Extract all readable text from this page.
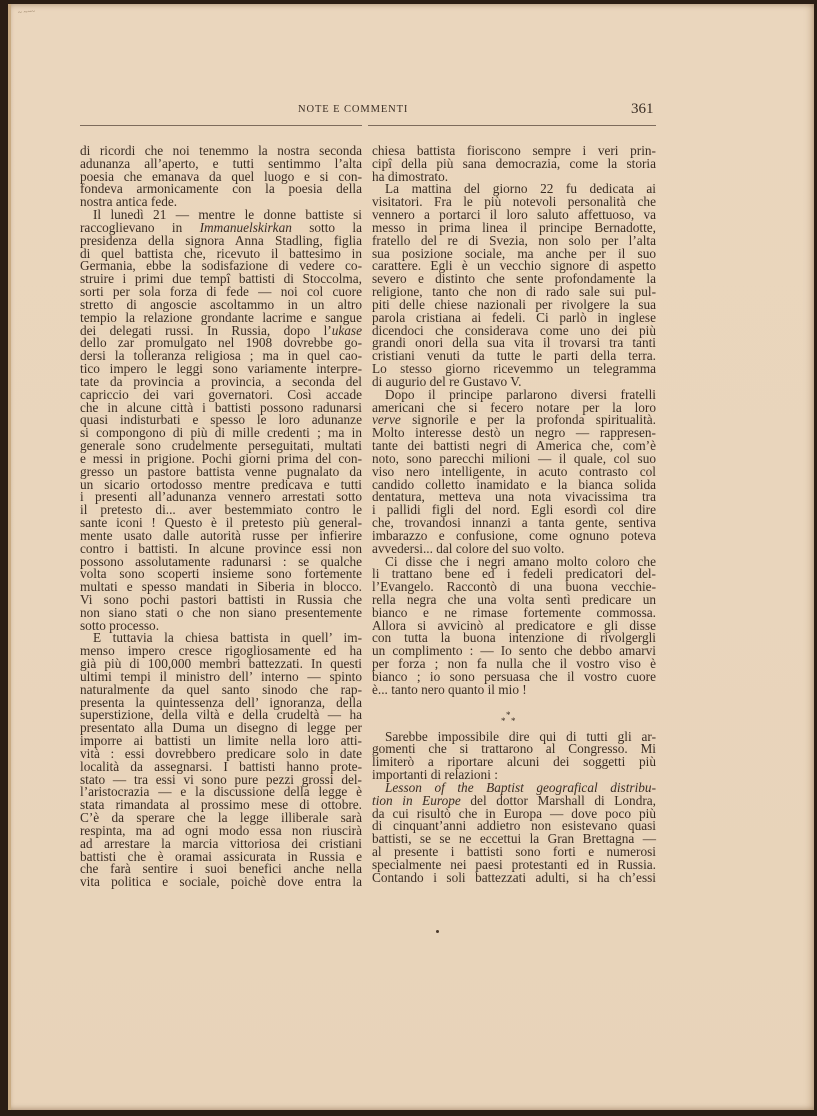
~ ~~~
NOTE E COMMENTI	361
di ricordi che noi tenemmo la nostra seconda
adunanza all’aperto, e tutti sentimmo l’alta
poesia che emanava da quel luogo e si con-
fondeva armonicamente con la poesia della
nostra antica fede.
Il lunedì 21 — mentre le donne battiste si
raccoglievano in Immanuelskirkan sotto la
presidenza della signora Anna Stadling, figlia
di quel battista che, ricevuto il battesimo in
Germania, ebbe la sodisfazione di vedere co-
struire i primi due tempî battisti di Stoccolma,
sorti per sola forza di fede — noi col cuore
stretto di angoscie ascoltammo in un altro
tempio la relazione grondante lacrime e sangue
dei delegati russi. In Russia, dopo l’ukase
dello zar promulgato nel 1908 dovrebbe go-
dersi la tolleranza religiosa ; ma in quel cao-
tico impero le leggi sono variamente interpre-
tate da provincia a provincia, a seconda del
capriccio dei vari governatori. Così accade
che in alcune città i battisti possono radunarsi
quasi indisturbati e spesso le loro adunanze
si compongono di più di mille credenti ; ma in
generale sono crudelmente perseguitati, multati
e messi in prigione. Pochi giorni prima del con-
gresso un pastore battista venne pugnalato da
un sicario ortodosso mentre predicava e tutti
i presenti all’adunanza vennero arrestati sotto
il pretesto di... aver bestemmiato contro le
sante iconi ! Questo è il pretesto più general-
mente usato dalle autorità russe per infierire
contro i battisti. In alcune province essi non
possono assolutamente radunarsi : se qualche
volta sono scoperti insieme sono fortemente
multati e spesso mandati in Siberia in blocco.
Vi sono pochi pastori battisti in Russia che
non siano stati o che non siano presentemente
sotto processo.
E tuttavia la chiesa battista in quell’ im-
menso impero cresce rigogliosamente ed ha
già più di 100,000 membri battezzati. In questi
ultimi tempi il ministro dell’ interno — spinto
naturalmente da quel santo sinodo che rap-
presenta la quintessenza dell’ ignoranza, della
superstizione, della viltà e della crudeltà — ha
presentato alla Duma un disegno di legge per
imporre ai battisti un limite nella loro atti-
vità : essi dovrebbero predicare solo in date
località da assegnarsi. I battisti hanno prote-
stato — tra essi vi sono pure pezzi grossi del-
l’aristocrazia — e la discussione della legge è
stata rimandata al prossimo mese di ottobre.
C’è da sperare che la legge illiberale sarà
respinta, ma ad ogni modo essa non riuscirà
ad arrestare la marcia vittoriosa dei cristiani
battisti che è oramai assicurata in Russia e
che farà sentire i suoi benefici anche nella
vita politica e sociale, poichè dove entra la
chiesa battista fioriscono sempre i veri prin-
cipî della più sana democrazia, come la storia
ha dimostrato.
La mattina del giorno 22 fu dedicata ai
visitatori. Fra le più notevoli personalità che
vennero a portarci il loro saluto affettuoso, va
messo in prima linea il principe Bernadotte,
fratello del re di Svezia, non solo per l’alta
sua posizione sociale, ma anche per il suo
carattere. Egli è un vecchio signore di aspetto
severo e distinto che sente profondamente la
religione, tanto che non di rado sale sui pul-
piti delle chiese nazionali per rivolgere la sua
parola cristiana ai fedeli. Ci parlò in inglese
dicendoci che considerava come uno dei più
grandi onori della sua vita il trovarsi tra tanti
cristiani venuti da tutte le parti della terra.
Lo stesso giorno ricevemmo un telegramma
di augurio del re Gustavo V.
Dopo il principe parlarono diversi fratelli
americani che si fecero notare per la loro
verve signorile e per la profonda spiritualità.
Molto interesse destò un negro — rappresen-
tante dei battisti negri di America che, com’è
noto, sono parecchi milioni — il quale, col suo
viso nero intelligente, in acuto contrasto col
candido colletto inamidato e la bianca solida
dentatura, metteva una nota vivacissima tra
i pallidi figli del nord. Egli esordì col dire
che, trovandosi innanzi a tanta gente, sentiva
imbarazzo e confusione, come ognuno poteva
avvedersi... dal colore del suo volto.
Ci disse che i negri amano molto coloro che
li trattano bene ed i fedeli predicatori del-
l’Evangelo. Raccontò di una buona vecchie-
rella negra che una volta sentì predicare un
bianco e ne rimase fortemente commossa.
Allora si avvicinò al predicatore e gli disse
con tutta la buona intenzione di rivolgergli
un complimento : — Io sento che debbo amarvi
per forza ; non fa nulla che il vostro viso è
bianco ; io sono persuasa che il vostro cuore
è... tanto nero quanto il mio !
*
* *
Sarebbe impossibile dire qui di tutti gli ar-
gomenti che si trattarono al Congresso. Mi
limiterò a riportare alcuni dei soggetti più
importanti di relazioni :
Lesson of the Baptist geografical distribu-
tion in Europe del dottor Marshall di Londra,
da cui risultò che in Europa — dove poco più
di cinquant’anni addietro non esistevano quasi
battisti, se se ne eccettui la Gran Brettagna —
al presente i battisti sono forti e numerosi
specialmente nei paesi protestanti ed in Russia.
Contando i soli battezzati adulti, si ha ch’essi
